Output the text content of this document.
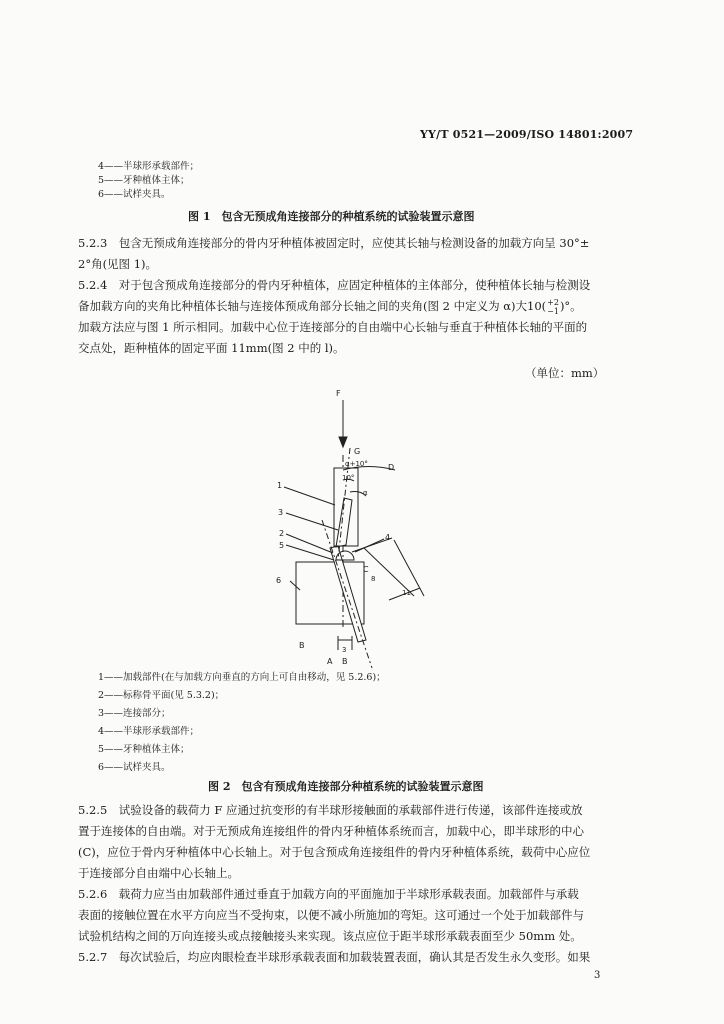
YY/T 0521—2009/ISO 14801:2007
4——半球形承载部件；
5——牙种植体主体；
6——试样夹具。
图 1　包含无预成角连接部分的种植系统的试验装置示意图
5.2.3　包含无预成角连接部分的骨内牙种植体被固定时，应使其长轴与检测设备的加载方向呈 30°±
2°角(见图 1)。
5.2.4　对于包含预成角连接部分的骨内牙种植体，应固定种植体的主体部分，使种植体长轴与检测设
备加载方向的夹角比种植体长轴与连接体预成角部分长轴之间的夹角(图 2 中定义为 α)大10( +2
−1 )°。
加载方法应与图 1 所示相同。加载中心位于连接部分的自由端中心长轴与垂直于种植体长轴的平面的
交点处，距种植体的固定平面 11mm(图 2 中的 l)。
（单位：mm）
F
G
D
α+10°
10°
α
C
11
8
3
B
B
A
1
3
2
5
6
4
1——加载部件(在与加载方向垂直的方向上可自由移动，见 5.2.6)；
2——标称骨平面(见 5.3.2)；
3——连接部分；
4——半球形承载部件；
5——牙种植体主体；
6——试样夹具。
图 2　包含有预成角连接部分种植系统的试验装置示意图
5.2.5　试验设备的载荷力 F 应通过抗变形的有半球形接触面的承载部件进行传递，该部件连接或放
置于连接体的自由端。对于无预成角连接组件的骨内牙种植体系统而言，加载中心，即半球形的中心
(C)，应位于骨内牙种植体中心长轴上。对于包含预成角连接组件的骨内牙种植体系统，载荷中心应位
于连接部分自由端中心长轴上。
5.2.6　载荷力应当由加载部件通过垂直于加载方向的平面施加于半球形承载表面。加载部件与承载
表面的接触位置在水平方向应当不受拘束，以便不减小所施加的弯矩。这可通过一个处于加载部件与
试验机结构之间的万向连接头或点接触接头来实现。该点应位于距半球形承载表面至少 50mm 处。
5.2.7　每次试验后，均应肉眼检查半球形承载表面和加载装置表面，确认其是否发生永久变形。如果
3
